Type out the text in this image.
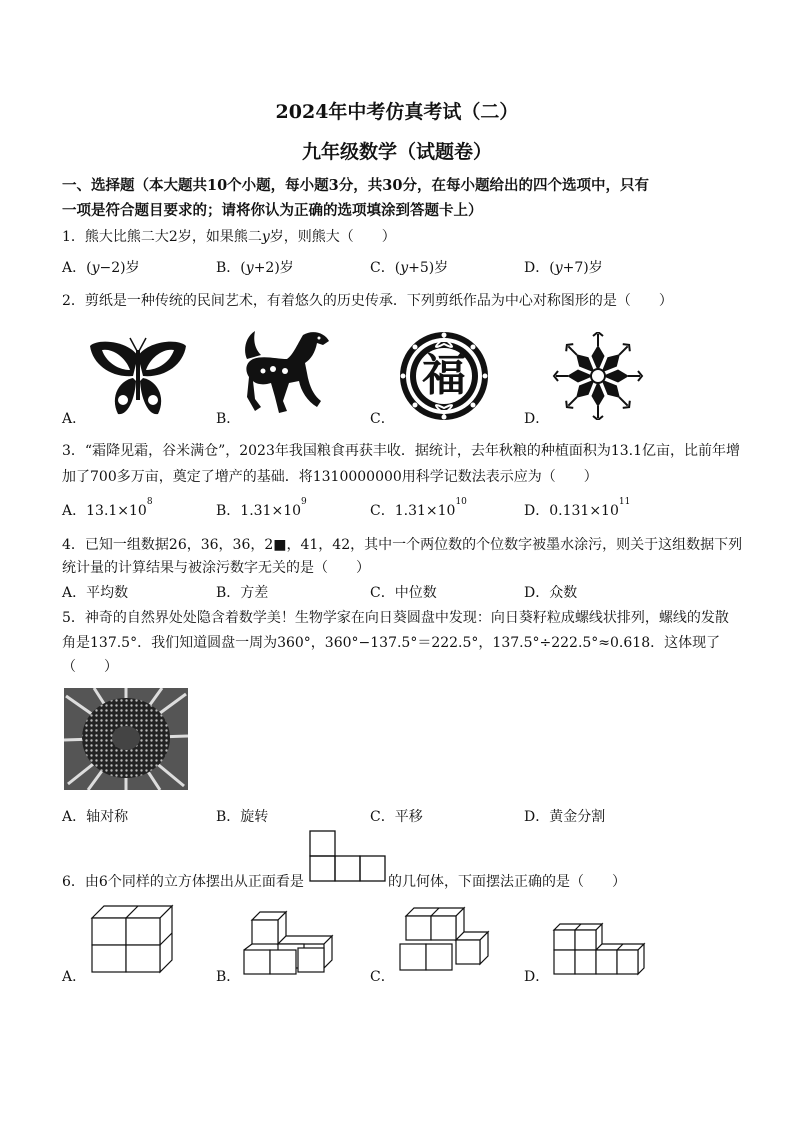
2024年中考仿真考试（二）
九年级数学（试题卷）
一、选择题（本大题共10个小题，每小题3分，共30分，在每小题给出的四个选项中，只有
一项是符合题目要求的；请将你认为正确的选项填涂到答题卡上）
1．熊大比熊二大2岁，如果熊二y岁，则熊大（　　）
A．(y−2)岁	B．(y+2)岁	C．(y+5)岁	D．(y+7)岁
2．剪纸是一种传统的民间艺术，有着悠久的历史传承．下列剪纸作品为中心对称图形的是（　　）
A．	B．
福
C．	D．
3．“霜降见霜，谷米满仓”，2023年我国粮食再获丰收．据统计，去年秋粮的种植面积为13.1亿亩，比前年增
加了700多万亩，奠定了增产的基础．将1310000000用科学记数法表示应为（　　）
A．$13.1\times 10^8$
B．$1.31\times 10^9$
C．$1.31\times 10^{10}$
D．$0.131\times 10^{11}$
4．已知一组数据26，36，36，2■，41，42，其中一个两位数的个位数字被墨水涂污，则关于这组数据下列
统计量的计算结果与被涂污数字无关的是（　　）
A．平均数	B．方差	C．中位数	D．众数
5．神奇的自然界处处隐含着数学美！生物学家在向日葵圆盘中发现：向日葵籽粒成螺线状排列，螺线的发散
角是137.5°．我们知道圆盘一周为360°，360°−137.5°＝222.5°，137.5°÷222.5°≈0.618．这体现了
（　　）
A．轴对称	B．旋转	C．平移	D．黄金分割
6．由6个同样的立方体摆出从正面看是	的几何体，下面摆法正确的是（　　）
A．	B．	C．	D．
